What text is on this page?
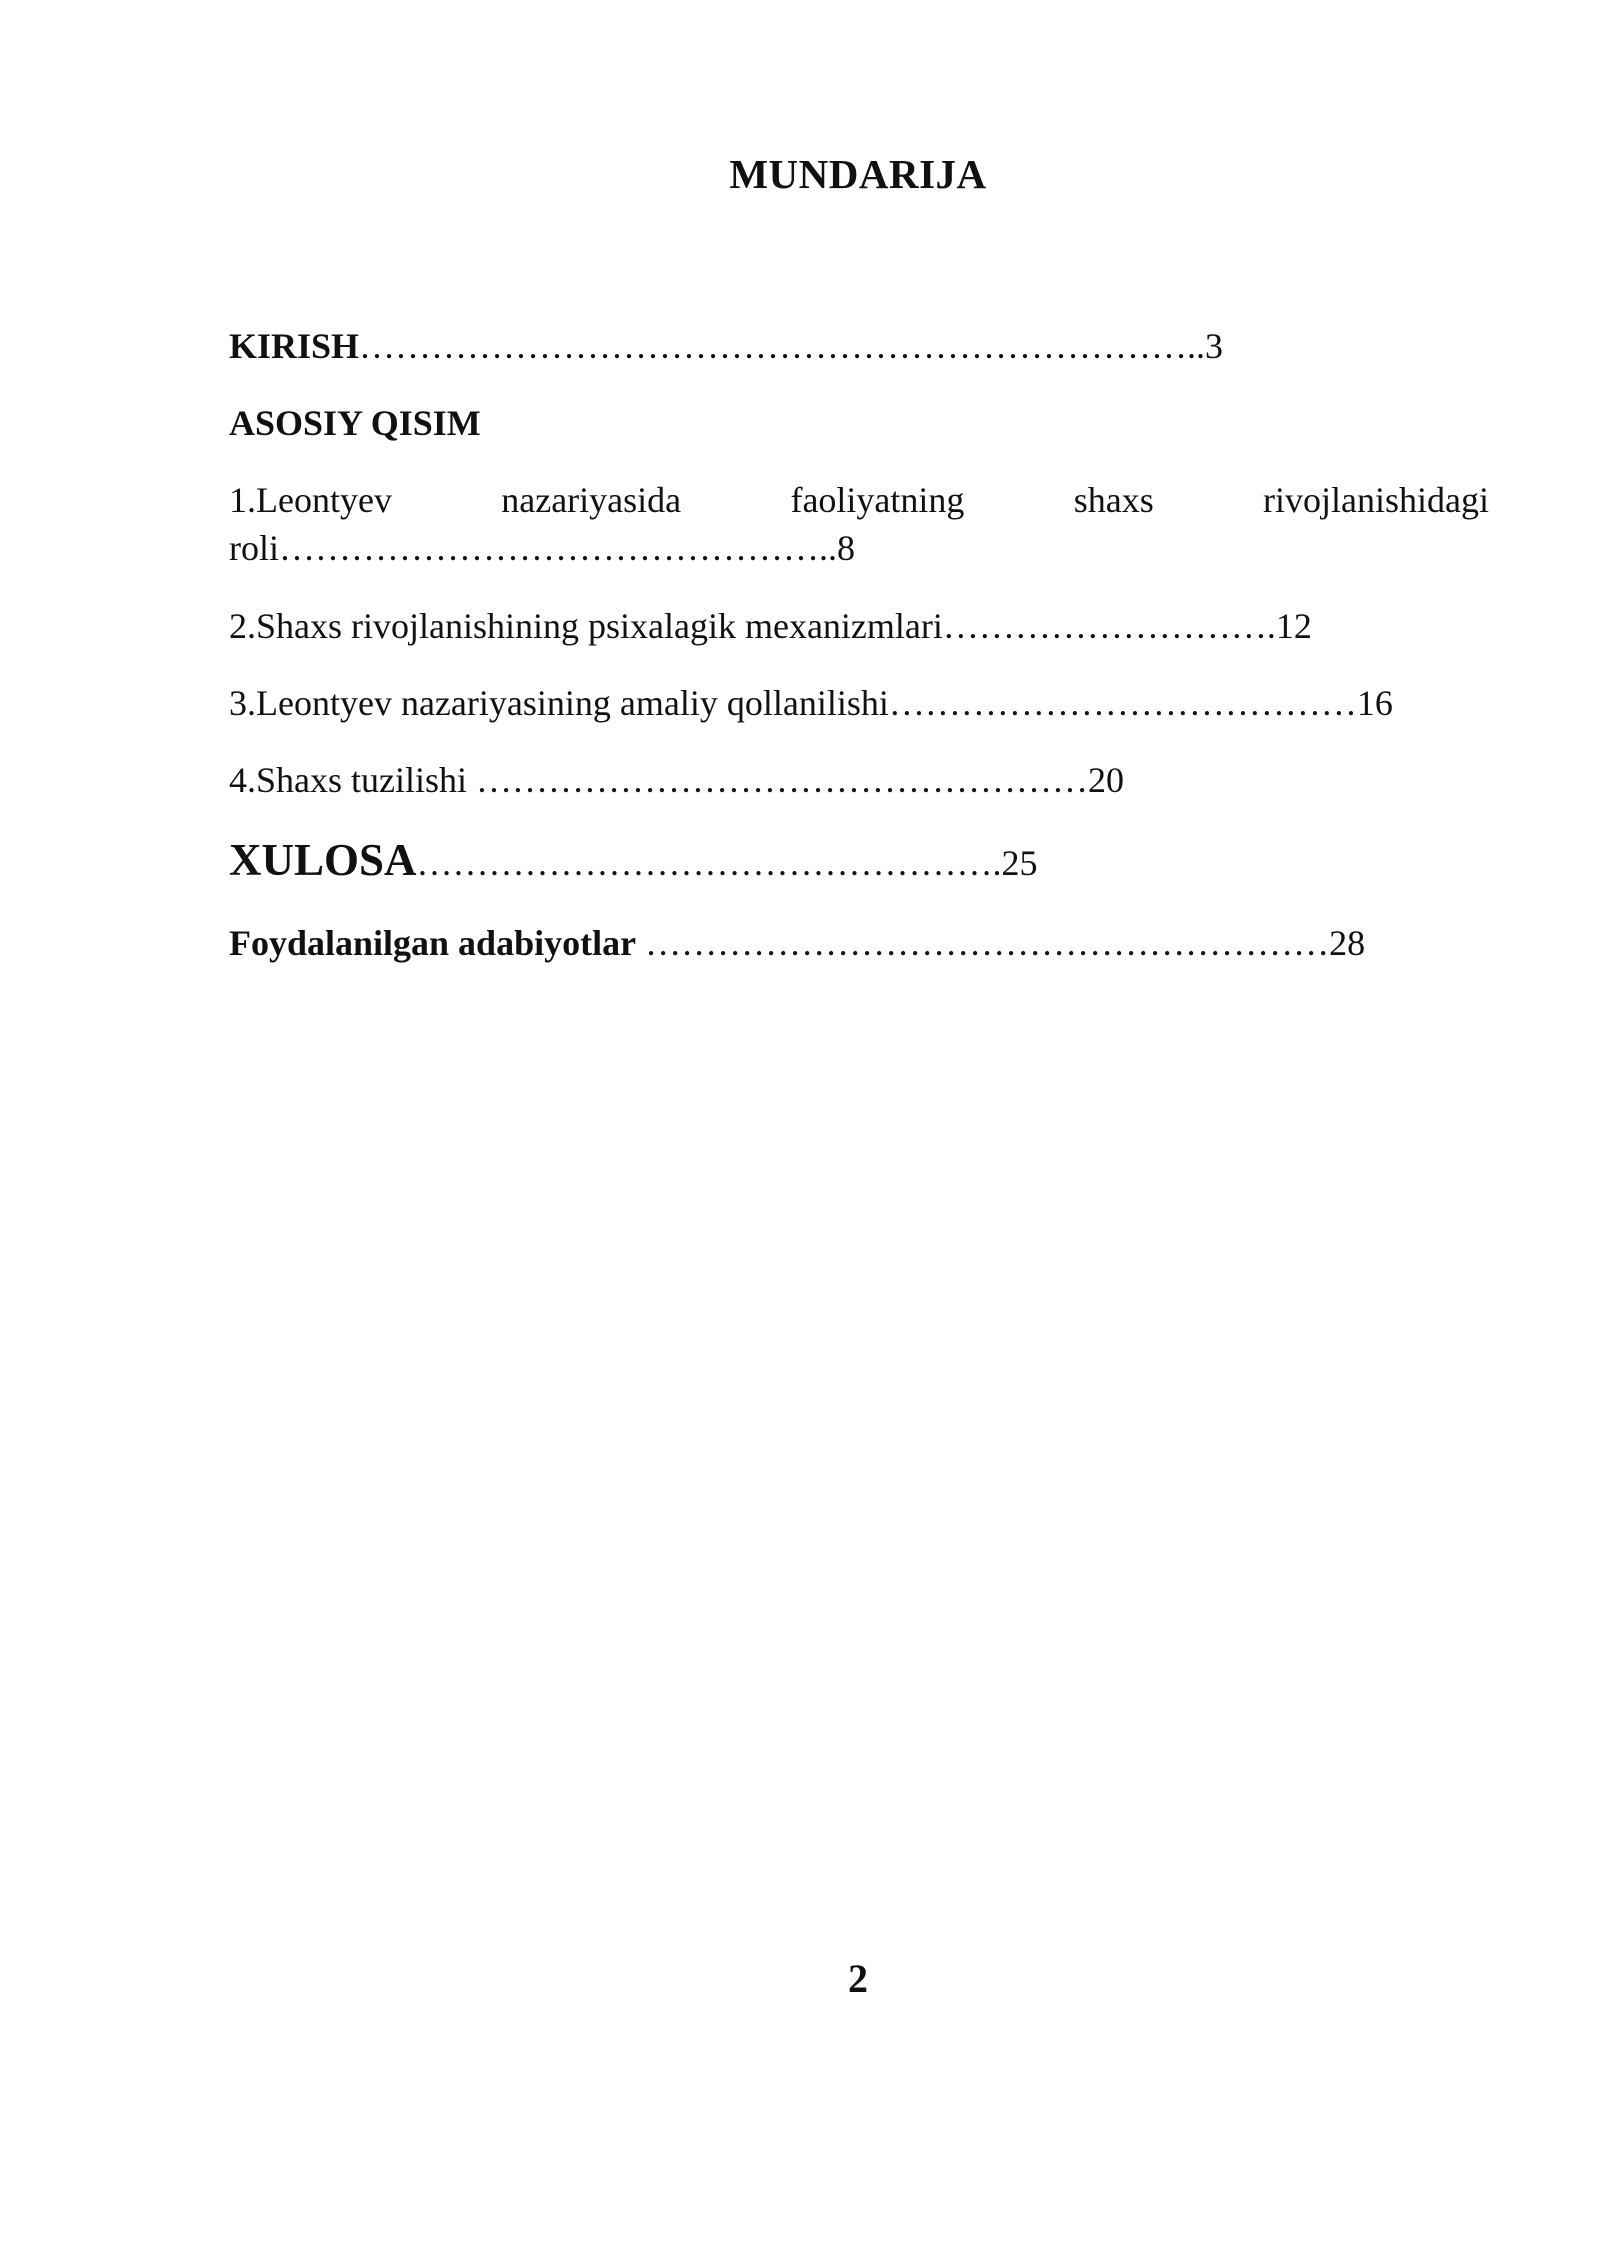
MUNDARIJA
KIRISH……………………………………………………………..3
ASOSIY QISIM
1.Leontyev	nazariyasida	faoliyatning	shaxs	rivojlanishidagi
roli………………………………………..8
2.Shaxs rivojlanishining psixalagik mexanizmlari……………………….12
3.Leontyev nazariyasining amaliy qollanilishi…………………………………16
4.Shaxs tuzilishi ……………………………………………20
XULOSA………………………………………….25
Foydalanilgan adabiyotlar …………………………………………………28
2
